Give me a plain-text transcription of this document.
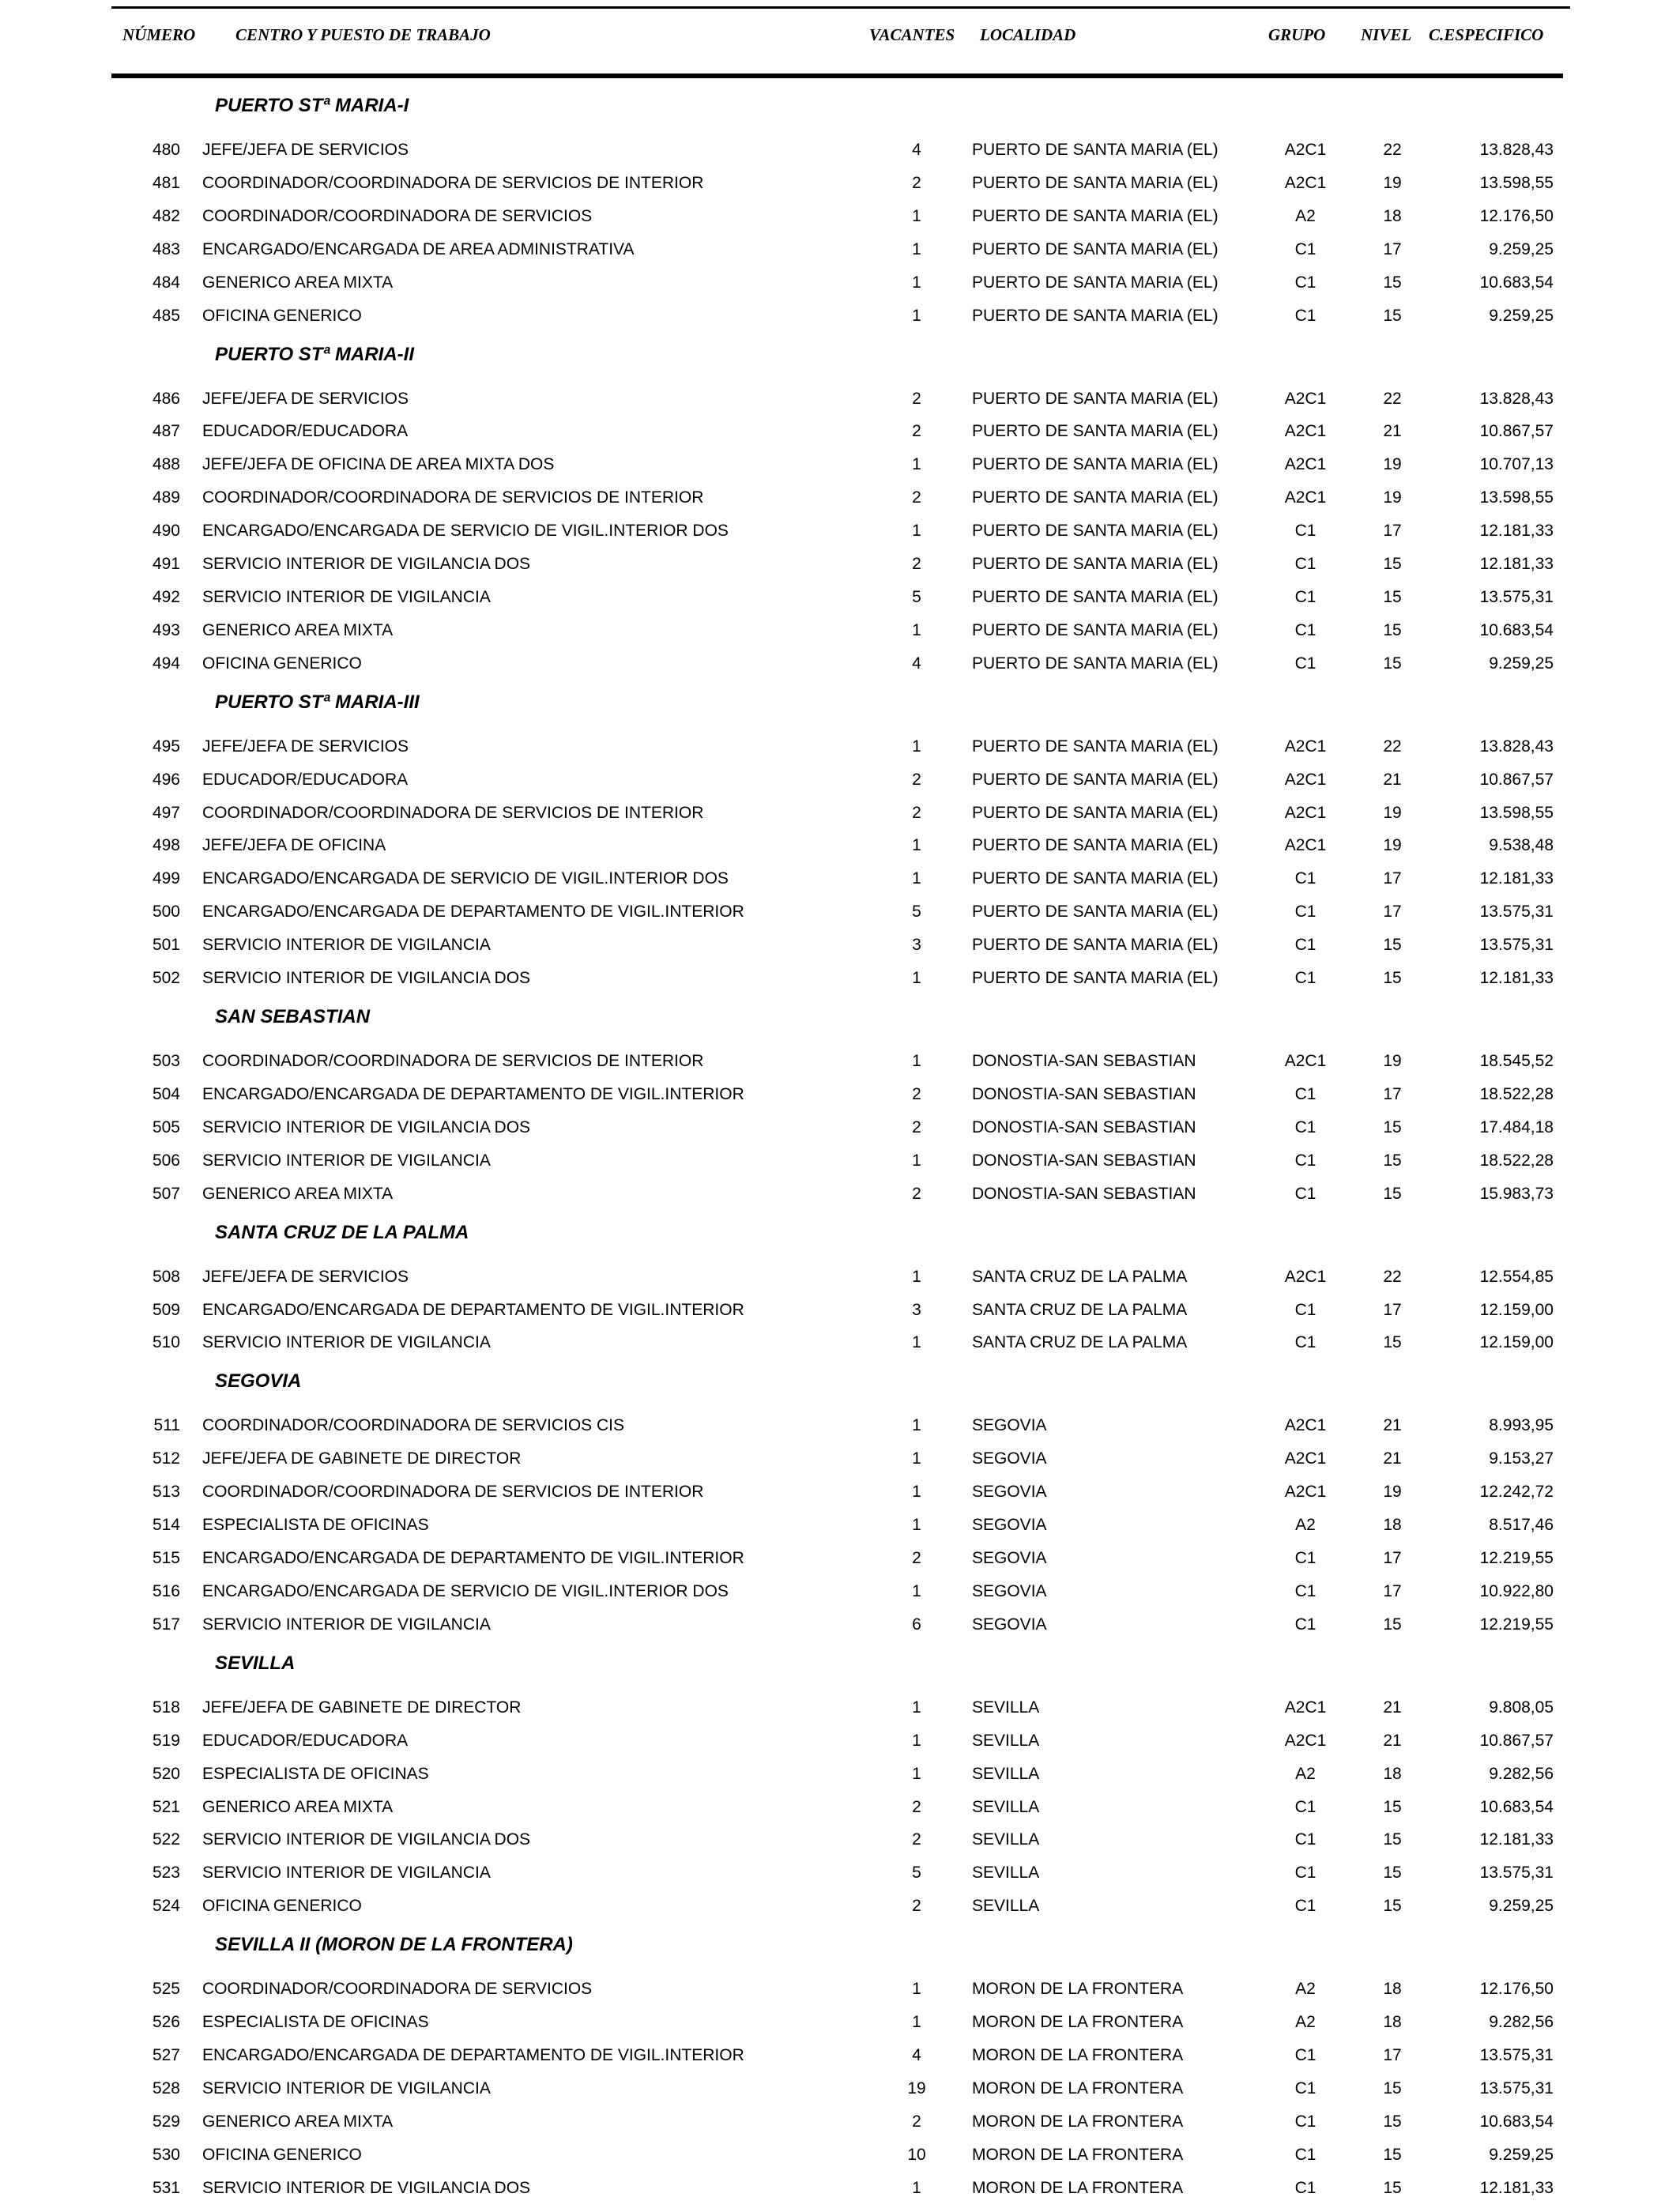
NÚMERO CENTRO Y PUESTO DE TRABAJO	VACANTES LOCALIDAD	GRUPO NIVEL C.ESPECIFICO
PUERTO STª MARIA-I
480 JEFE/JEFA DE SERVICIOS	4	PUERTO DE SANTA MARIA (EL)	A2C1	22	13.828,43
481 COORDINADOR/COORDINADORA DE SERVICIOS DE INTERIOR	2	PUERTO DE SANTA MARIA (EL)	A2C1	19	13.598,55
482 COORDINADOR/COORDINADORA DE SERVICIOS	1	PUERTO DE SANTA MARIA (EL)	A2	18	12.176,50
483 ENCARGADO/ENCARGADA DE AREA ADMINISTRATIVA	1	PUERTO DE SANTA MARIA (EL)	C1	17	9.259,25
484 GENERICO AREA MIXTA	1	PUERTO DE SANTA MARIA (EL)	C1	15	10.683,54
485 OFICINA GENERICO	1	PUERTO DE SANTA MARIA (EL)	C1	15	9.259,25
PUERTO STª MARIA-II
486 JEFE/JEFA DE SERVICIOS	2	PUERTO DE SANTA MARIA (EL)	A2C1	22	13.828,43
487 EDUCADOR/EDUCADORA	2	PUERTO DE SANTA MARIA (EL)	A2C1	21	10.867,57
488 JEFE/JEFA DE OFICINA DE AREA MIXTA DOS	1	PUERTO DE SANTA MARIA (EL)	A2C1	19	10.707,13
489 COORDINADOR/COORDINADORA DE SERVICIOS DE INTERIOR	2	PUERTO DE SANTA MARIA (EL)	A2C1	19	13.598,55
490 ENCARGADO/ENCARGADA DE SERVICIO DE VIGIL.INTERIOR DOS	1	PUERTO DE SANTA MARIA (EL)	C1	17	12.181,33
491 SERVICIO INTERIOR DE VIGILANCIA DOS	2	PUERTO DE SANTA MARIA (EL)	C1	15	12.181,33
492 SERVICIO INTERIOR DE VIGILANCIA	5	PUERTO DE SANTA MARIA (EL)	C1	15	13.575,31
493 GENERICO AREA MIXTA	1	PUERTO DE SANTA MARIA (EL)	C1	15	10.683,54
494 OFICINA GENERICO	4	PUERTO DE SANTA MARIA (EL)	C1	15	9.259,25
PUERTO STª MARIA-III
495 JEFE/JEFA DE SERVICIOS	1	PUERTO DE SANTA MARIA (EL)	A2C1	22	13.828,43
496 EDUCADOR/EDUCADORA	2	PUERTO DE SANTA MARIA (EL)	A2C1	21	10.867,57
497 COORDINADOR/COORDINADORA DE SERVICIOS DE INTERIOR	2	PUERTO DE SANTA MARIA (EL)	A2C1	19	13.598,55
498 JEFE/JEFA DE OFICINA	1	PUERTO DE SANTA MARIA (EL)	A2C1	19	9.538,48
499 ENCARGADO/ENCARGADA DE SERVICIO DE VIGIL.INTERIOR DOS	1	PUERTO DE SANTA MARIA (EL)	C1	17	12.181,33
500 ENCARGADO/ENCARGADA DE DEPARTAMENTO DE VIGIL.INTERIOR	5	PUERTO DE SANTA MARIA (EL)	C1	17	13.575,31
501 SERVICIO INTERIOR DE VIGILANCIA	3	PUERTO DE SANTA MARIA (EL)	C1	15	13.575,31
502 SERVICIO INTERIOR DE VIGILANCIA DOS	1	PUERTO DE SANTA MARIA (EL)	C1	15	12.181,33
SAN SEBASTIAN
503 COORDINADOR/COORDINADORA DE SERVICIOS DE INTERIOR	1	DONOSTIA-SAN SEBASTIAN	A2C1	19	18.545,52
504 ENCARGADO/ENCARGADA DE DEPARTAMENTO DE VIGIL.INTERIOR	2	DONOSTIA-SAN SEBASTIAN	C1	17	18.522,28
505 SERVICIO INTERIOR DE VIGILANCIA DOS	2	DONOSTIA-SAN SEBASTIAN	C1	15	17.484,18
506 SERVICIO INTERIOR DE VIGILANCIA	1	DONOSTIA-SAN SEBASTIAN	C1	15	18.522,28
507 GENERICO AREA MIXTA	2	DONOSTIA-SAN SEBASTIAN	C1	15	15.983,73
SANTA CRUZ DE LA PALMA
508 JEFE/JEFA DE SERVICIOS	1	SANTA CRUZ DE LA PALMA	A2C1	22	12.554,85
509 ENCARGADO/ENCARGADA DE DEPARTAMENTO DE VIGIL.INTERIOR	3	SANTA CRUZ DE LA PALMA	C1	17	12.159,00
510 SERVICIO INTERIOR DE VIGILANCIA	1	SANTA CRUZ DE LA PALMA	C1	15	12.159,00
SEGOVIA
511 COORDINADOR/COORDINADORA DE SERVICIOS CIS	1	SEGOVIA	A2C1	21	8.993,95
512 JEFE/JEFA DE GABINETE DE DIRECTOR	1	SEGOVIA	A2C1	21	9.153,27
513 COORDINADOR/COORDINADORA DE SERVICIOS DE INTERIOR	1	SEGOVIA	A2C1	19	12.242,72
514 ESPECIALISTA DE OFICINAS	1	SEGOVIA	A2	18	8.517,46
515 ENCARGADO/ENCARGADA DE DEPARTAMENTO DE VIGIL.INTERIOR	2	SEGOVIA	C1	17	12.219,55
516 ENCARGADO/ENCARGADA DE SERVICIO DE VIGIL.INTERIOR DOS	1	SEGOVIA	C1	17	10.922,80
517 SERVICIO INTERIOR DE VIGILANCIA	6	SEGOVIA	C1	15	12.219,55
SEVILLA
518 JEFE/JEFA DE GABINETE DE DIRECTOR	1	SEVILLA	A2C1	21	9.808,05
519 EDUCADOR/EDUCADORA	1	SEVILLA	A2C1	21	10.867,57
520 ESPECIALISTA DE OFICINAS	1	SEVILLA	A2	18	9.282,56
521 GENERICO AREA MIXTA	2	SEVILLA	C1	15	10.683,54
522 SERVICIO INTERIOR DE VIGILANCIA DOS	2	SEVILLA	C1	15	12.181,33
523 SERVICIO INTERIOR DE VIGILANCIA	5	SEVILLA	C1	15	13.575,31
524 OFICINA GENERICO	2	SEVILLA	C1	15	9.259,25
SEVILLA II (MORON DE LA FRONTERA)
525 COORDINADOR/COORDINADORA DE SERVICIOS	1	MORON DE LA FRONTERA	A2	18	12.176,50
526 ESPECIALISTA DE OFICINAS	1	MORON DE LA FRONTERA	A2	18	9.282,56
527 ENCARGADO/ENCARGADA DE DEPARTAMENTO DE VIGIL.INTERIOR	4	MORON DE LA FRONTERA	C1	17	13.575,31
528 SERVICIO INTERIOR DE VIGILANCIA	19	MORON DE LA FRONTERA	C1	15	13.575,31
529 GENERICO AREA MIXTA	2	MORON DE LA FRONTERA	C1	15	10.683,54
530 OFICINA GENERICO	10	MORON DE LA FRONTERA	C1	15	9.259,25
531 SERVICIO INTERIOR DE VIGILANCIA DOS	1	MORON DE LA FRONTERA	C1	15	12.181,33
